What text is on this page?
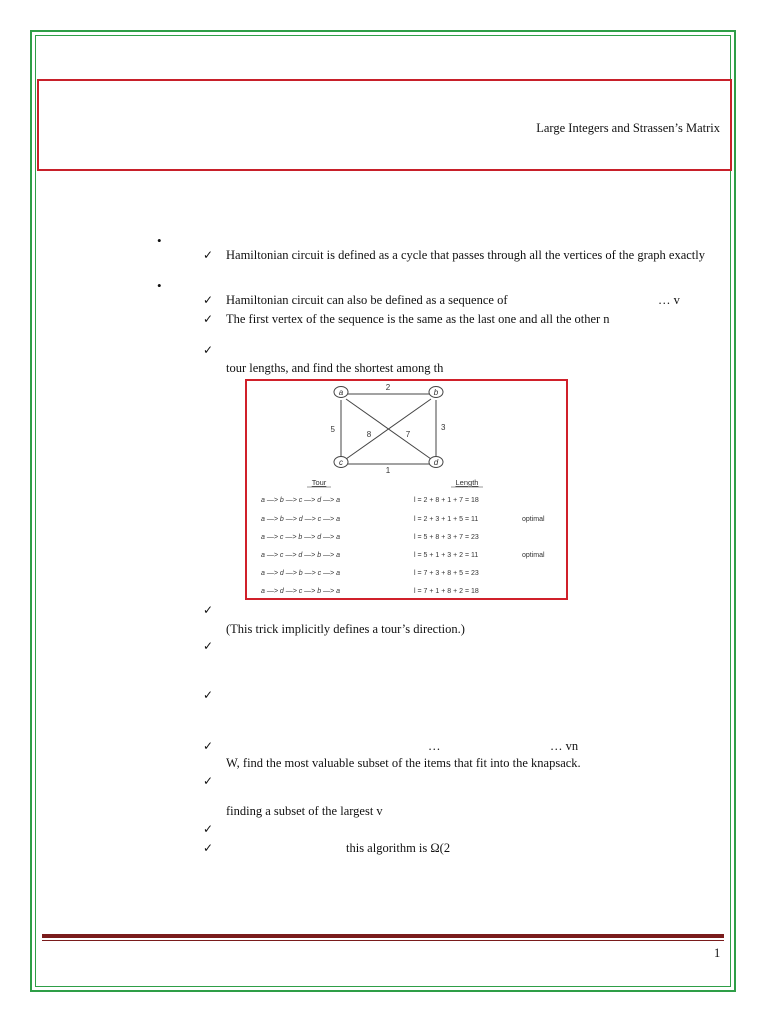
Large Integers and Strassen’s Matrix
•
•
✓
✓
✓
✓
✓
✓
✓
✓
✓
✓
✓
Hamiltonian circuit is defined as a cycle that passes through all the vertices of the graph exactly
Hamiltonian circuit can also be defined as a sequence of	… v
The first vertex of the sequence is the same as the last one and all the other n
tour lengths, and find the shortest among th
(This trick implicitly defines a tour’s direction.)
…	… vn
W, find the most valuable subset of the items that fit into the knapsack.
finding a subset of the largest v
this algorithm is Ω(2
a	b
c	d
2
5
8	7
3
1
Tour	Length
a —> b —> c —> d —> a	l = 2 + 8 + 1 + 7 = 18
a —> b —> d —> c —> a	l = 2 + 3 + 1 + 5 = 11	optimal
a —> c —> b —> d —> a	l = 5 + 8 + 3 + 7 = 23
a —> c —> d —> b —> a	l = 5 + 1 + 3 + 2 = 11	optimal
a —> d —> b —> c —> a	l = 7 + 3 + 8 + 5 = 23
a —> d —> c —> b —> a	l = 7 + 1 + 8 + 2 = 18
1
